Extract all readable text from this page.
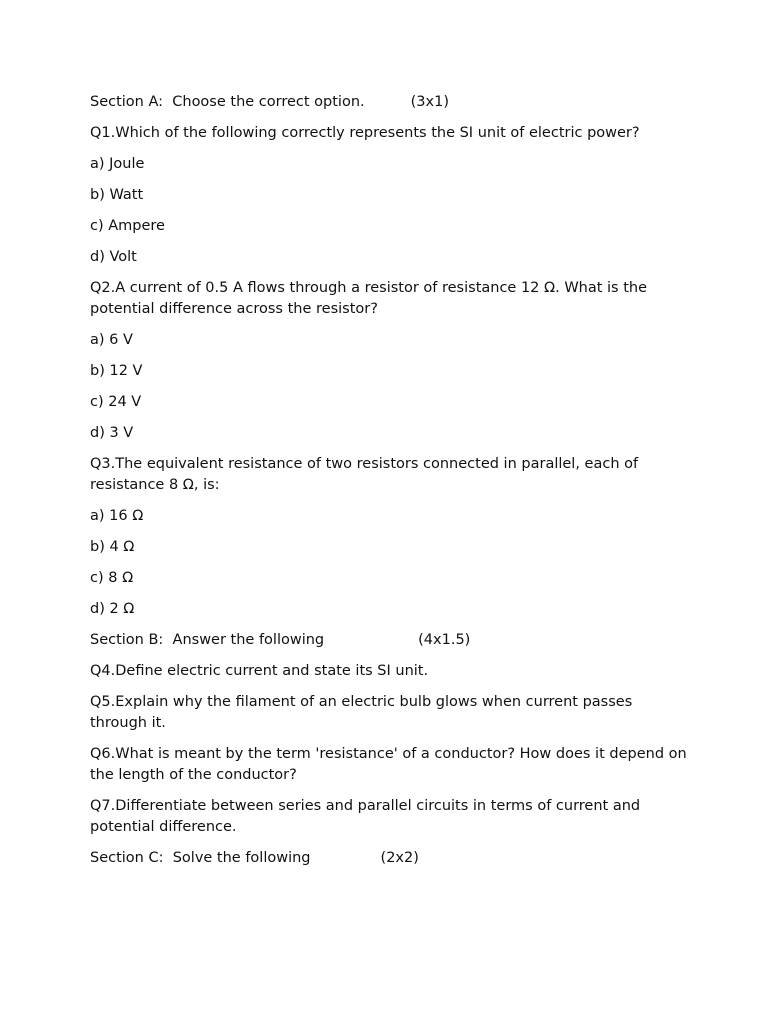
Section A:  Choose the correct option.	(3x1)
Q1.Which of the following correctly represents the SI unit of electric power?
a) Joule
b) Watt
c) Ampere
d) Volt
Q2.A current of 0.5 A flows through a resistor of resistance 12 Ω. What is the potential difference across the resistor?
a) 6 V
b) 12 V
c) 24 V
d) 3 V
Q3.The equivalent resistance of two resistors connected in parallel, each of resistance 8 Ω, is:
a) 16 Ω
b) 4 Ω
c) 8 Ω
d) 2 Ω
Section B:  Answer the following	(4x1.5)
Q4.Define electric current and state its SI unit.
Q5.Explain why the filament of an electric bulb glows when current passes through it.
Q6.What is meant by the term 'resistance' of a conductor? How does it depend on the length of the conductor?
Q7.Differentiate between series and parallel circuits in terms of current and potential difference.
Section C:  Solve the following	(2x2)
